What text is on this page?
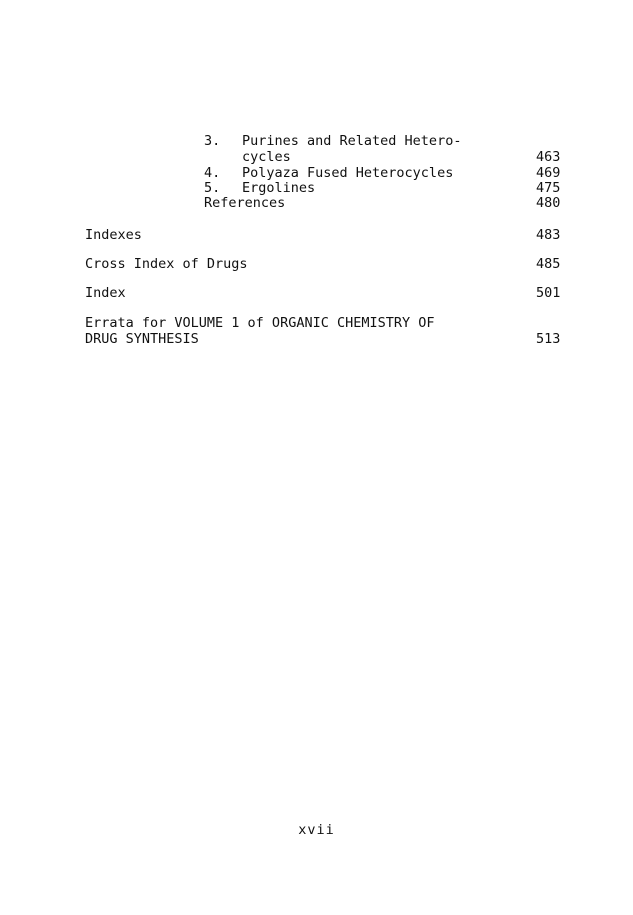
3. Purines and Related Hetero-
cycles	463
4. Polyaza Fused Heterocycles	469
5. Ergolines	475
References	480
Indexes	483
Cross Index of Drugs	485
Index	501
Errata for VOLUME 1 of ORGANIC CHEMISTRY OF
DRUG SYNTHESIS	513
xvii
